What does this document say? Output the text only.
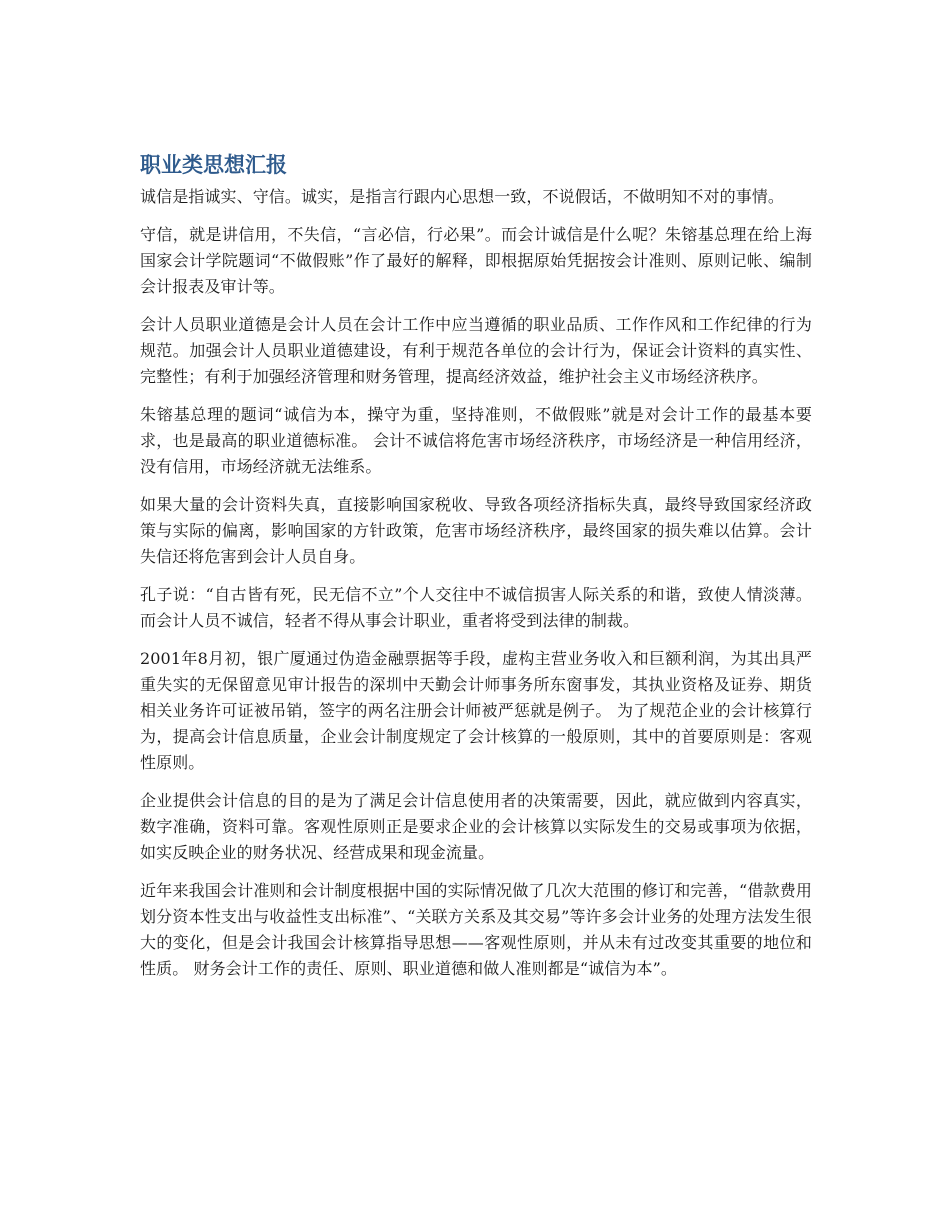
职业类思想汇报

诚信是指诚实、守信。诚实，是指言行跟内心思想一致，不说假话，不做明知不对的事情。

守信，就是讲信用，不失信，“言必信，行必果”。而会计诚信是什么呢？朱镕基总理在给上海国家会计学院题词“不做假账”作了最好的解释，即根据原始凭据按会计准则、原则记帐、编制会计报表及审计等。

会计人员职业道德是会计人员在会计工作中应当遵循的职业品质、工作作风和工作纪律的行为规范。加强会计人员职业道德建设，有利于规范各单位的会计行为，保证会计资料的真实性、完整性；有利于加强经济管理和财务管理，提高经济效益，维护社会主义市场经济秩序。

朱镕基总理的题词“诚信为本，操守为重，坚持准则，不做假账”就是对会计工作的最基本要求，也是最高的职业道德标准。 会计不诚信将危害市场经济秩序，市场经济是一种信用经济，没有信用，市场经济就无法维系。

如果大量的会计资料失真，直接影响国家税收、导致各项经济指标失真，最终导致国家经济政策与实际的偏离，影响国家的方针政策，危害市场经济秩序，最终国家的损失难以估算。会计失信还将危害到会计人员自身。

孔子说：“自古皆有死，民无信不立”个人交往中不诚信损害人际关系的和谐，致使人情淡薄。而会计人员不诚信，轻者不得从事会计职业，重者将受到法律的制裁。

2001年8月初，银广厦通过伪造金融票据等手段，虚构主营业务收入和巨额利润，为其出具严重失实的无保留意见审计报告的深圳中天勤会计师事务所东窗事发，其执业资格及证券、期货相关业务许可证被吊销，签字的两名注册会计师被严惩就是例子。 为了规范企业的会计核算行为，提高会计信息质量，企业会计制度规定了会计核算的一般原则，其中的首要原则是：客观性原则。

企业提供会计信息的目的是为了满足会计信息使用者的决策需要，因此，就应做到内容真实，数字准确，资料可靠。客观性原则正是要求企业的会计核算以实际发生的交易或事项为依据，如实反映企业的财务状况、经营成果和现金流量。

近年来我国会计准则和会计制度根据中国的实际情况做了几次大范围的修订和完善，“借款费用划分资本性支出与收益性支出标准”、“关联方关系及其交易”等许多会计业务的处理方法发生很大的变化，但是会计我国会计核算指导思想——客观性原则，并从未有过改变其重要的地位和性质。 财务会计工作的责任、原则、职业道德和做人准则都是“诚信为本”。
